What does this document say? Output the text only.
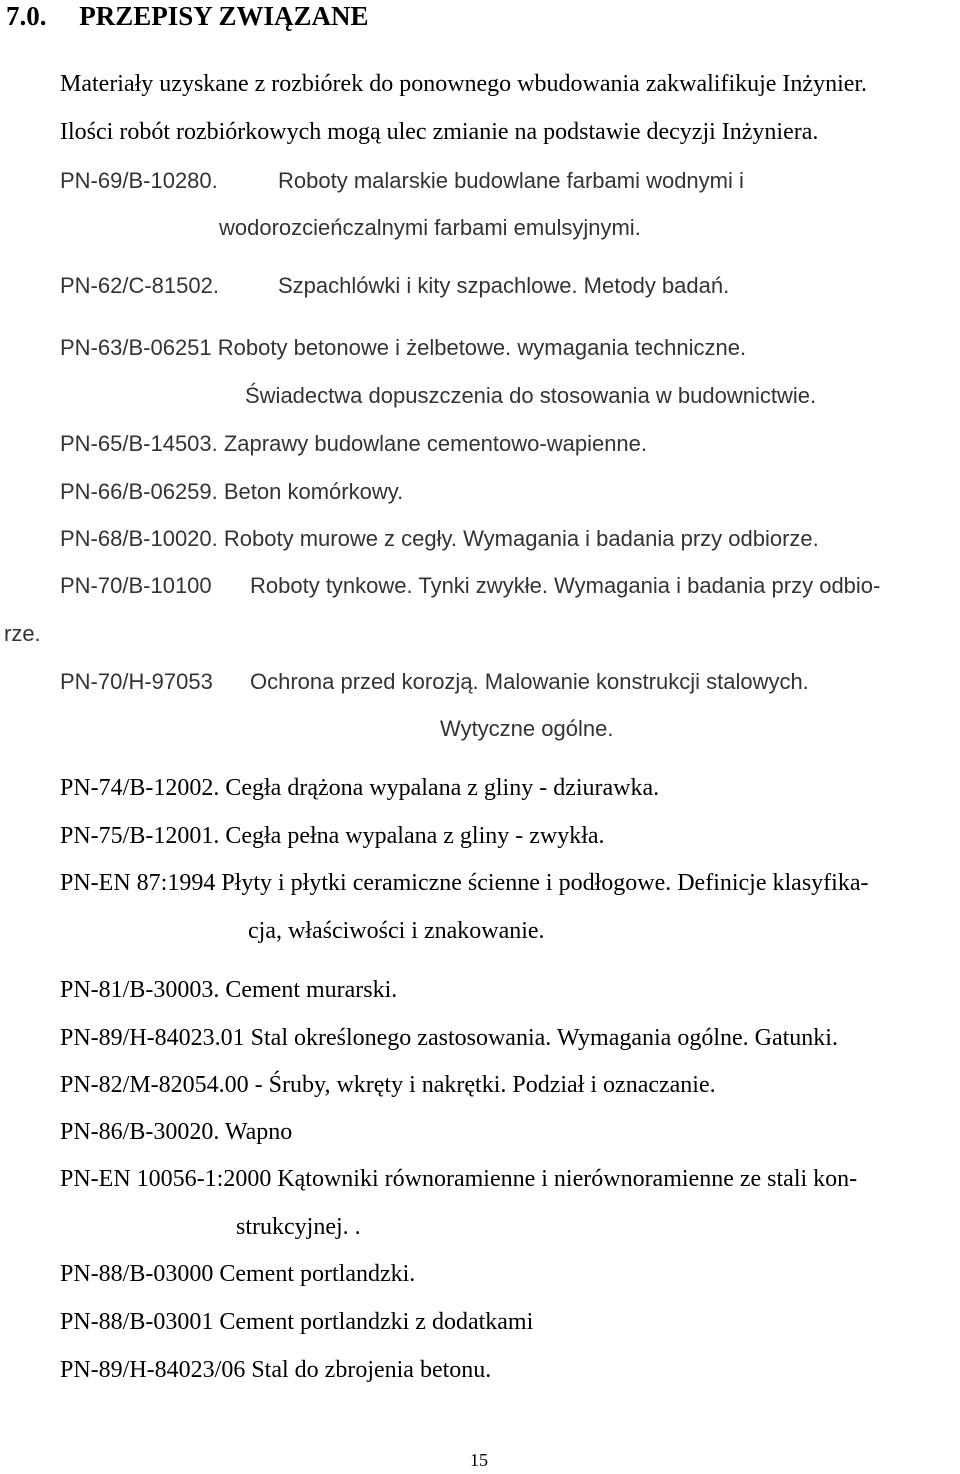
7.0. PRZEPISY ZWIĄZANE
Materiały uzyskane z rozbiórek do ponownego wbudowania zakwalifikuje Inżynier.
Ilości robót rozbiórkowych mogą ulec zmianie na podstawie decyzji Inżyniera.
PN-69/B-10280.	Roboty malarskie budowlane farbami wodnymi i
wodorozcieńczalnymi farbami emulsyjnymi.
PN-62/C-81502.	Szpachlówki i kity szpachlowe. Metody badań.
PN-63/B-06251 Roboty betonowe i żelbetowe. wymagania techniczne.
Świadectwa dopuszczenia do stosowania w budownictwie.
PN-65/B-14503. Zaprawy budowlane cementowo-wapienne.
PN-66/B-06259. Beton komórkowy.
PN-68/B-10020. Roboty murowe z cegły. Wymagania i badania przy odbiorze.
PN-70/B-10100 Roboty tynkowe. Tynki zwykłe. Wymagania i badania przy odbio-
rze.
PN-70/H-97053 Ochrona przed korozją. Malowanie konstrukcji stalowych.
Wytyczne ogólne.
PN-74/B-12002. Cegła drążona wypalana z gliny - dziurawka.
PN-75/B-12001. Cegła pełna wypalana z gliny - zwykła.
PN-EN 87:1994 Płyty i płytki ceramiczne ścienne i podłogowe. Definicje klasyfika-
cja, właściwości i znakowanie.
PN-81/B-30003. Cement murarski.
PN-89/H-84023.01 Stal określonego zastosowania. Wymagania ogólne. Gatunki.
PN-82/M-82054.00 - Śruby, wkręty i nakrętki. Podział i oznaczanie.
PN-86/B-30020. Wapno
PN-EN 10056-1:2000 Kątowniki równoramienne i nierównoramienne ze stali kon-
strukcyjnej. .
PN-88/B-03000 Cement portlandzki.
PN-88/B-03001 Cement portlandzki z dodatkami
PN-89/H-84023/06 Stal do zbrojenia betonu.
15
